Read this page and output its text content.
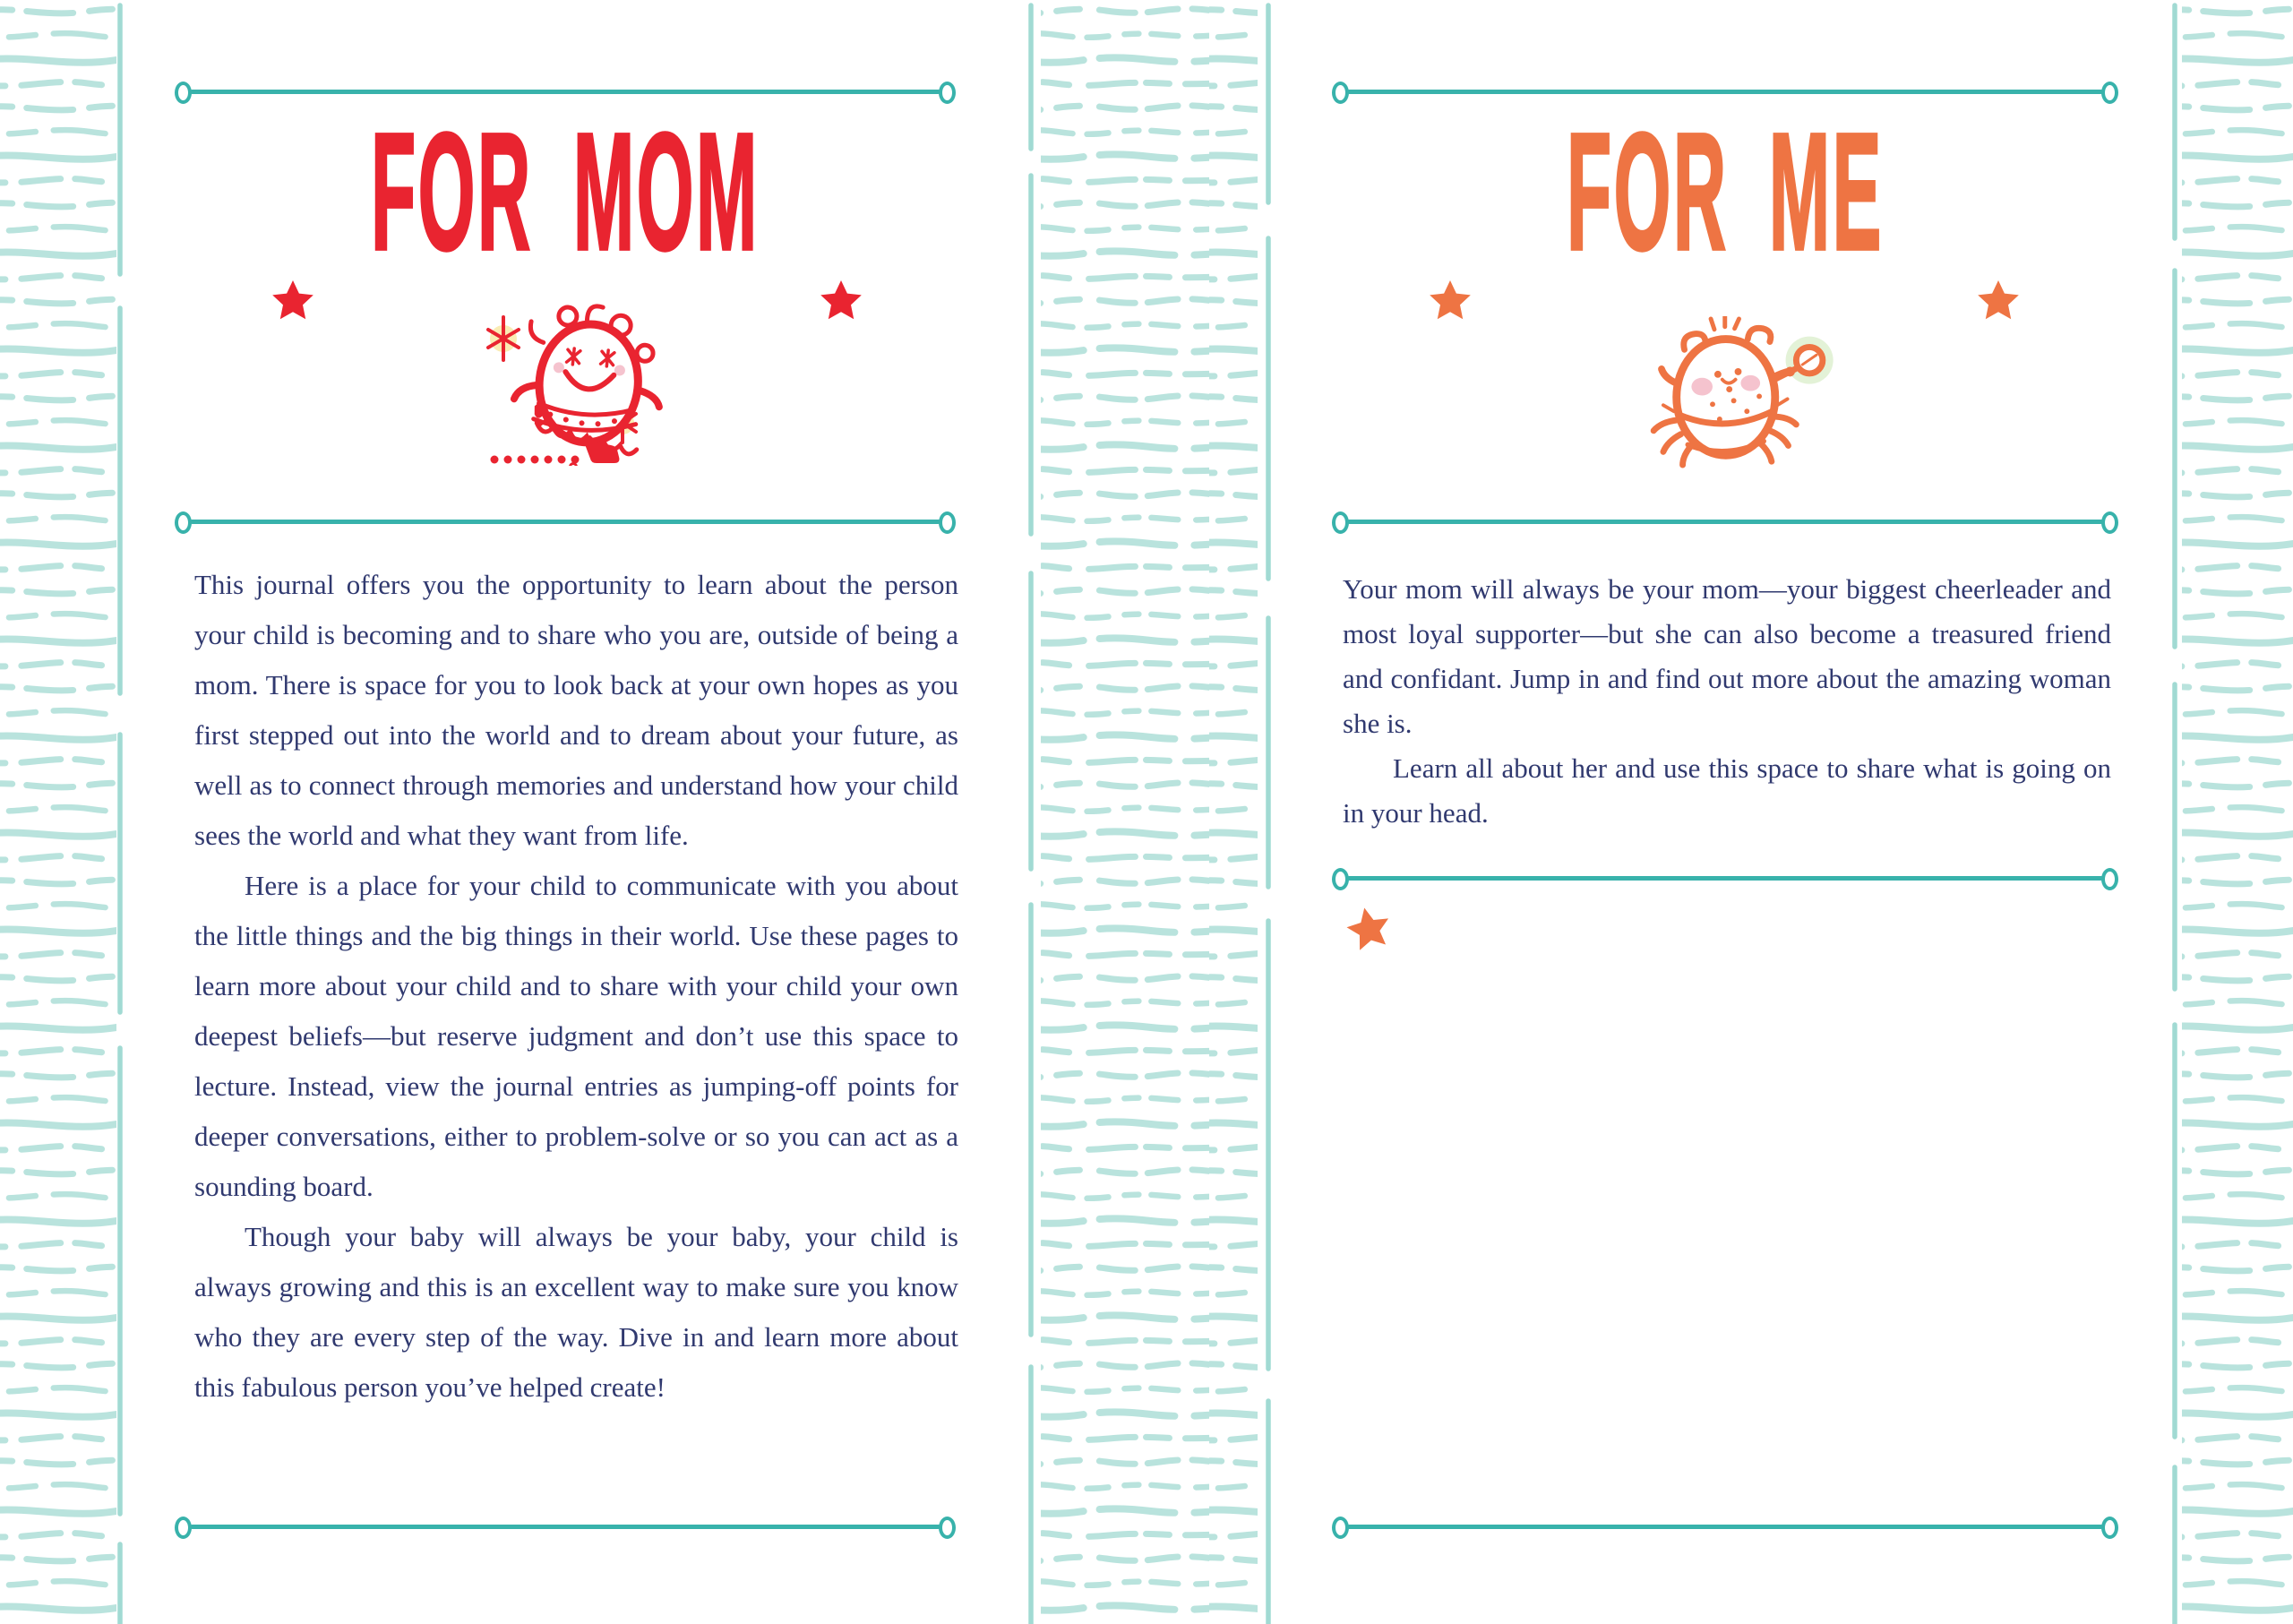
FOR MOM

This journal offers you the opportunity to learn about the person your child is becoming and to share who you are, outside of being a mom. There is space for you to look back at your own hopes as you first stepped out into the world and to dream about your future, as well as to connect through memories and understand how your child sees the world and what they want from life.

Here is a place for your child to communicate with you about the little things and the big things in their world. Use these pages to learn more about your child and to share with your child your own deepest beliefs—but reserve judgment and don’t use this space to lecture. Instead, view the journal entries as jumping-off points for deeper conversations, either to problem-solve or so you can act as a sounding board.

Though your baby will always be your baby, your child is always growing and this is an excellent way to make sure you know who they are every step of the way. Dive in and learn more about this fabulous person you’ve helped create!

FOR ME

Your mom will always be your mom—your biggest cheerleader and most loyal supporter—but she can also become a treasured friend and confidant. Jump in and find out more about the amazing woman she is.

Learn all about her and use this space to share what is going on in your head.
